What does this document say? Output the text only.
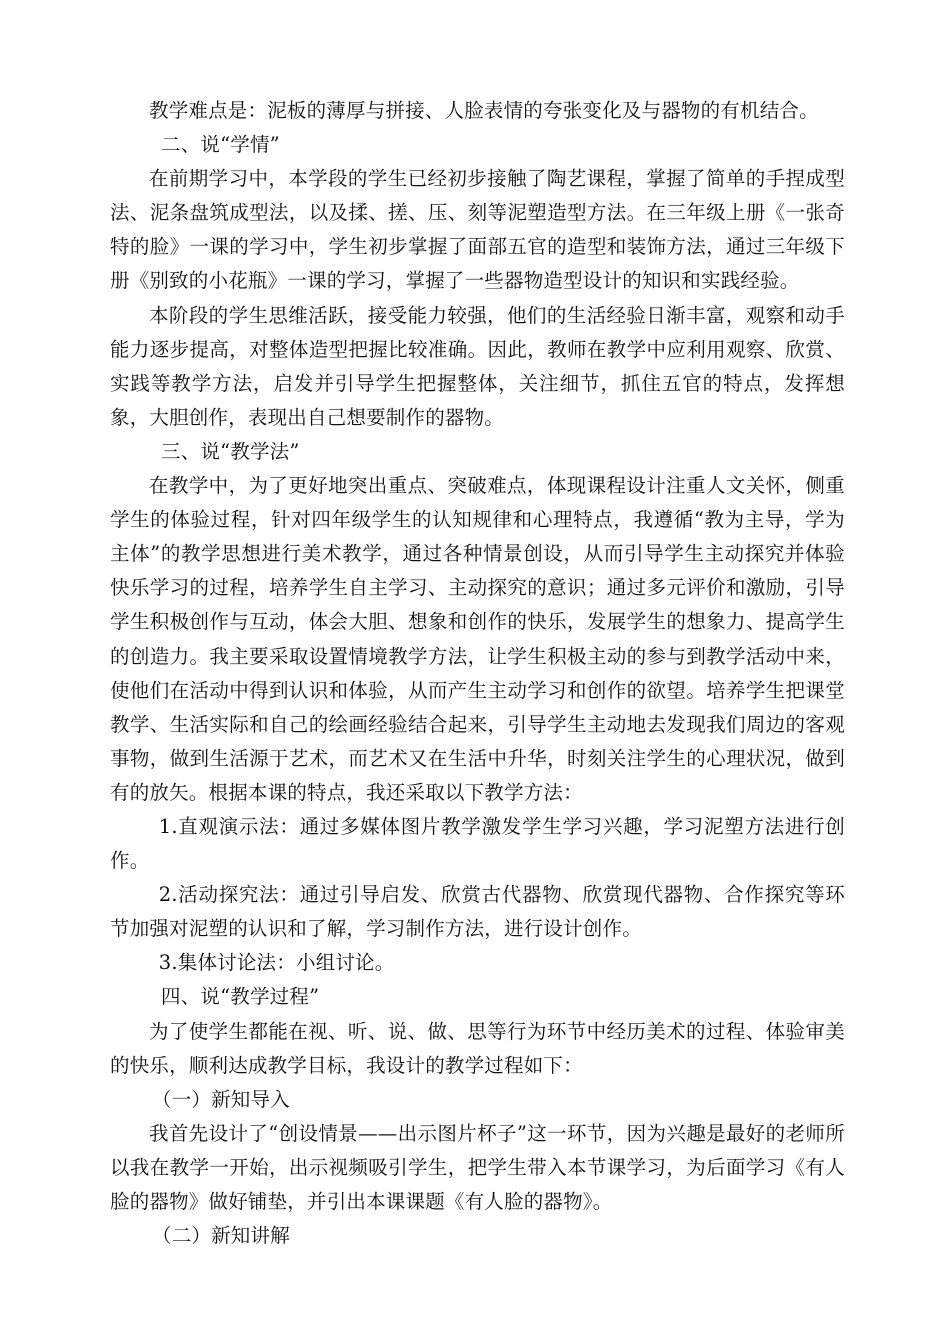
教学难点是：泥板的薄厚与拼接、人脸表情的夸张变化及与器物的有机结合。

二、说“学情”

在前期学习中，本学段的学生已经初步接触了陶艺课程，掌握了简单的手捏成型法、泥条盘筑成型法，以及揉、搓、压、刻等泥塑造型方法。在三年级上册《一张奇特的脸》一课的学习中，学生初步掌握了面部五官的造型和装饰方法，通过三年级下册《别致的小花瓶》一课的学习，掌握了一些器物造型设计的知识和实践经验。

本阶段的学生思维活跃，接受能力较强，他们的生活经验日渐丰富，观察和动手能力逐步提高，对整体造型把握比较准确。因此，教师在教学中应利用观察、欣赏、实践等教学方法，启发并引导学生把握整体，关注细节，抓住五官的特点，发挥想象，大胆创作，表现出自己想要制作的器物。

三、说“教学法”

在教学中，为了更好地突出重点、突破难点，体现课程设计注重人文关怀，侧重学生的体验过程，针对四年级学生的认知规律和心理特点，我遵循“教为主导，学为主体”的教学思想进行美术教学，通过各种情景创设，从而引导学生主动探究并体验快乐学习的过程，培养学生自主学习、主动探究的意识；通过多元评价和激励，引导学生积极创作与互动，体会大胆、想象和创作的快乐，发展学生的想象力、提高学生的创造力。我主要采取设置情境教学方法，让学生积极主动的参与到教学活动中来，使他们在活动中得到认识和体验，从而产生主动学习和创作的欲望。培养学生把课堂教学、生活实际和自己的绘画经验结合起来，引导学生主动地去发现我们周边的客观事物，做到生活源于艺术，而艺术又在生活中升华，时刻关注学生的心理状况，做到有的放矢。根据本课的特点，我还采取以下教学方法：

1.直观演示法：通过多媒体图片教学激发学生学习兴趣，学习泥塑方法进行创作。

2.活动探究法：通过引导启发、欣赏古代器物、欣赏现代器物、合作探究等环节加强对泥塑的认识和了解，学习制作方法，进行设计创作。

3.集体讨论法：小组讨论。

四、说“教学过程”

为了使学生都能在视、听、说、做、思等行为环节中经历美术的过程、体验审美的快乐，顺利达成教学目标，我设计的教学过程如下：

（一）新知导入

我首先设计了“创设情景——出示图片杯子”这一环节，因为兴趣是最好的老师所以我在教学一开始，出示视频吸引学生，把学生带入本节课学习，为后面学习《有人脸的器物》做好铺垫，并引出本课课题《有人脸的器物》。

（二）新知讲解
